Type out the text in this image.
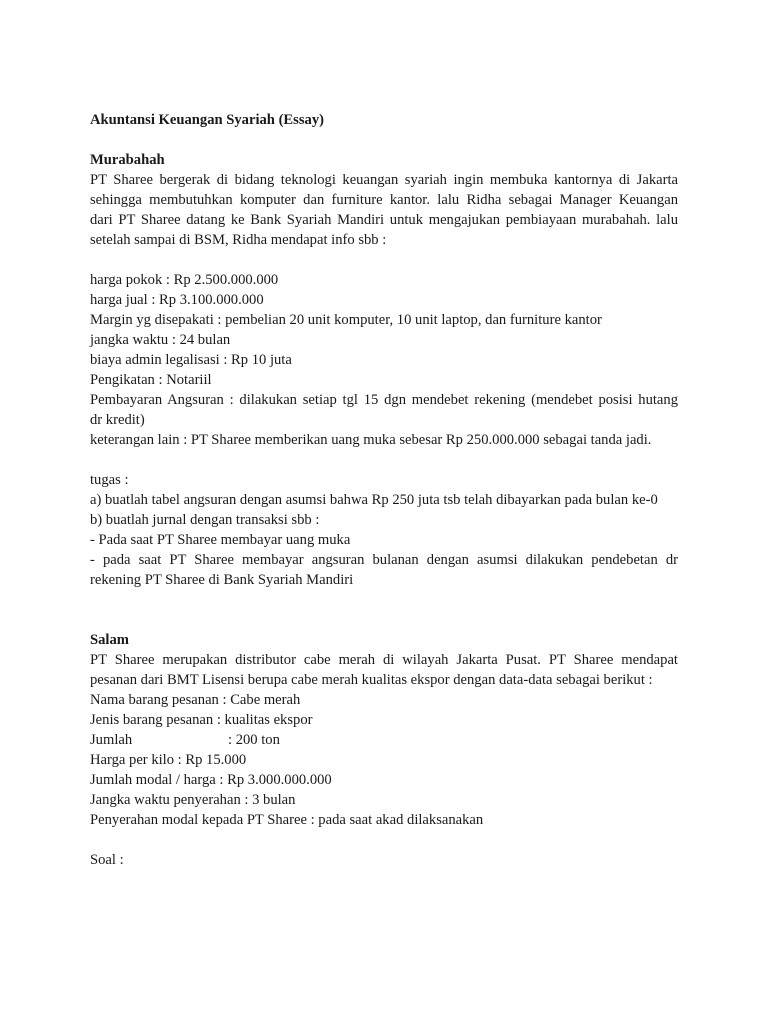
Akuntansi Keuangan Syariah (Essay)
Murabahah
PT Sharee bergerak di bidang teknologi keuangan syariah ingin membuka kantornya di Jakarta
sehingga membutuhkan komputer dan furniture kantor. lalu Ridha sebagai Manager Keuangan
dari PT Sharee datang ke Bank Syariah Mandiri untuk mengajukan pembiayaan murabahah. lalu
setelah sampai di BSM, Ridha mendapat info sbb :
harga pokok : Rp 2.500.000.000
harga jual : Rp 3.100.000.000
Margin yg disepakati : pembelian 20 unit komputer, 10 unit laptop, dan furniture kantor
jangka waktu : 24 bulan
biaya admin legalisasi : Rp 10 juta
Pengikatan : Notariil
Pembayaran Angsuran : dilakukan setiap tgl 15 dgn mendebet rekening (mendebet posisi hutang
dr kredit)
keterangan lain : PT Sharee memberikan uang muka sebesar Rp 250.000.000 sebagai tanda jadi.
tugas :
a) buatlah tabel angsuran dengan asumsi bahwa Rp 250 juta tsb telah dibayarkan pada bulan ke-0
b) buatlah jurnal dengan transaksi sbb :
- Pada saat PT Sharee membayar uang muka
- pada saat PT Sharee membayar angsuran bulanan dengan asumsi dilakukan pendebetan dr
rekening PT Sharee di Bank Syariah Mandiri
Salam
PT Sharee merupakan distributor cabe merah di wilayah Jakarta Pusat. PT Sharee mendapat
pesanan dari BMT Lisensi berupa cabe merah kualitas ekspor dengan data-data sebagai berikut :
Nama barang pesanan : Cabe merah
Jenis barang pesanan : kualitas ekspor
Jumlah	: 200 ton
Harga per kilo : Rp 15.000
Jumlah modal / harga : Rp 3.000.000.000
Jangka waktu penyerahan : 3 bulan
Penyerahan modal kepada PT Sharee : pada saat akad dilaksanakan
Soal :
